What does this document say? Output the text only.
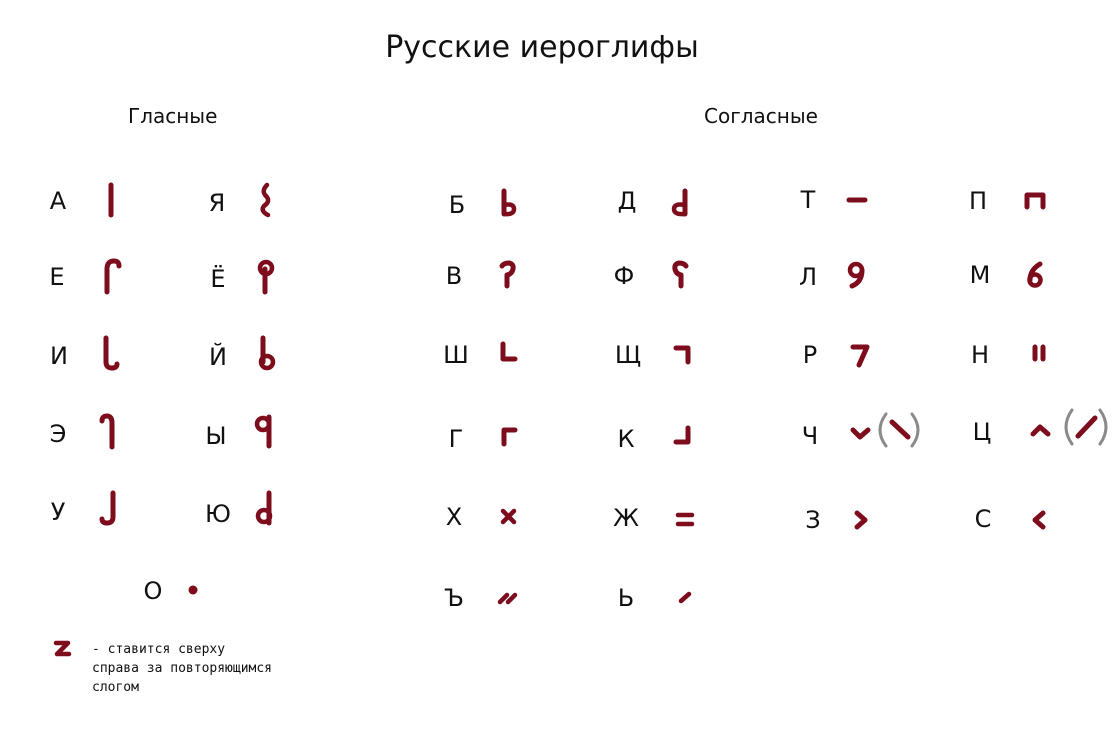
Русские иероглифы
Гласные	Согласные
А	Я
Е	Ё
И	Й
Э	Ы
У	Ю
О
Б	Д	Т	П
В	Ф	Л	М
Ш	Щ	Р	Н
Г	К	Ч	Ц
Х	Ж	З	С
Ъ	Ь
- ставится сверху
справа за повторяющимся
слогом
